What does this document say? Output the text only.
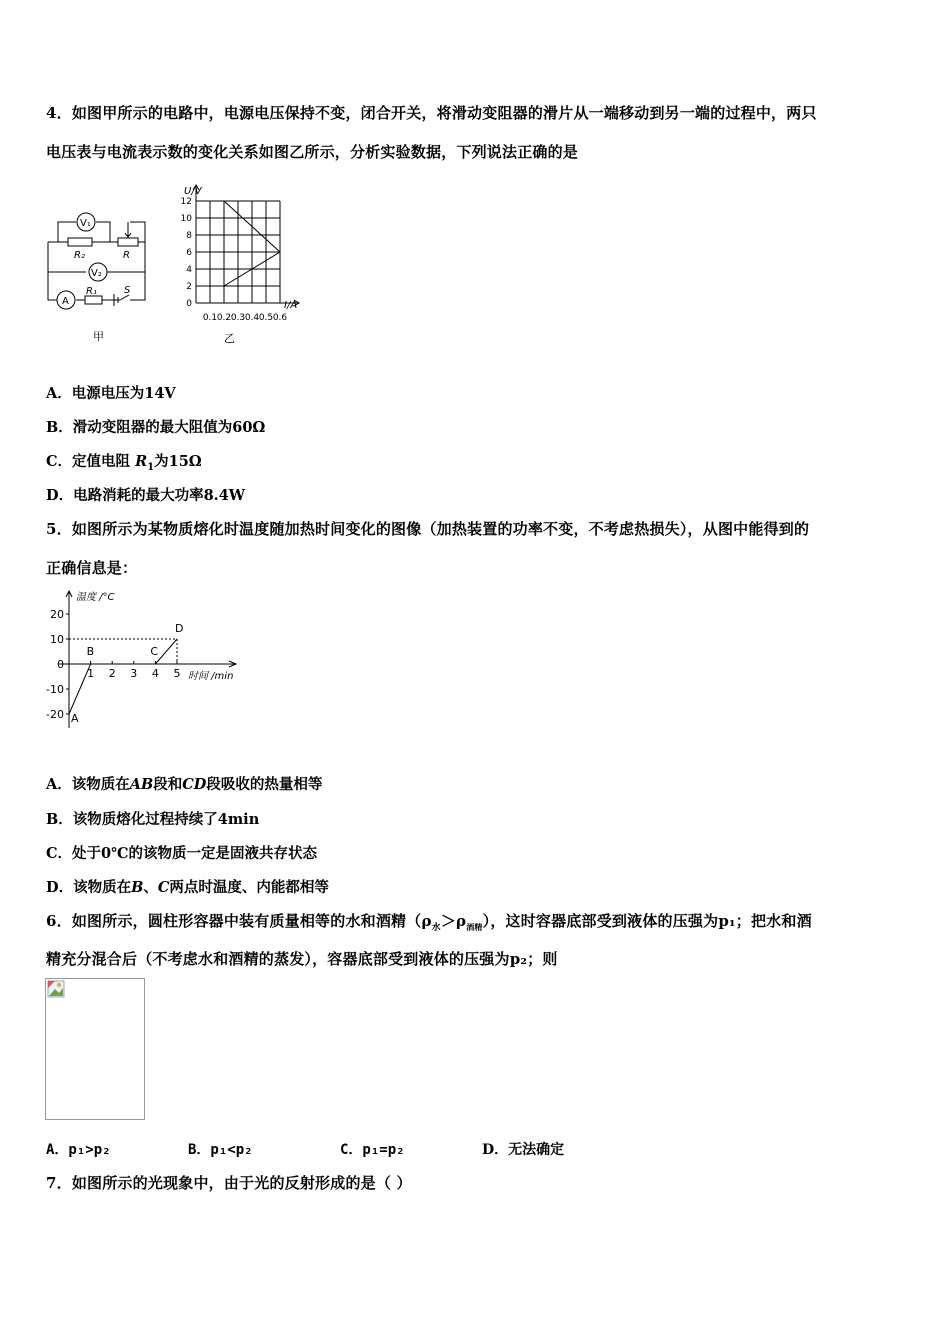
4．如图甲所示的电路中，电源电压保持不变，闭合开关，将滑动变阻器的滑片从一端移动到另一端的过程中，两只
电压表与电流表示数的变化关系如图乙所示，分析实验数据，下列说法正确的是
V₁
V₂
A
R₂	R
R₁	S
甲
12
10
8
6
4
2
0
0.1 0.2 0.3 0.4 0.5 0.6
U/V
I/A
乙
A．电源电压为14V
B．滑动变阻器的最大阻值为60Ω
C．定值电阻 $R_1$为15Ω
D．电路消耗的最大功率8.4W
5．如图所示为某物质熔化时温度随加热时间变化的图像（加热装置的功率不变，不考虑热损失），从图中能得到的
正确信息是：
20
10
0
-10
-20
1 2 3 4 5
A
B	C
D
温度 /°C
时间 /min
A．该物质在AB段和CD段吸收的热量相等
B．该物质熔化过程持续了4min
C．处于0℃的该物质一定是固液共存状态
D．该物质在B、C两点时温度、内能都相等
6．如图所示，圆柱形容器中装有质量相等的水和酒精$(\rho_水>\rho_{酒精})$，这时容器底部受到液体的压强为p₁；把水和酒
精充分混合后（不考虑水和酒精的蒸发），容器底部受到液体的压强为p₂；则
A．p₁>p₂	B．p₁<p₂	C．p₁=p₂	D．无法确定
7．如图所示的光现象中，由于光的反射形成的是（ ）
